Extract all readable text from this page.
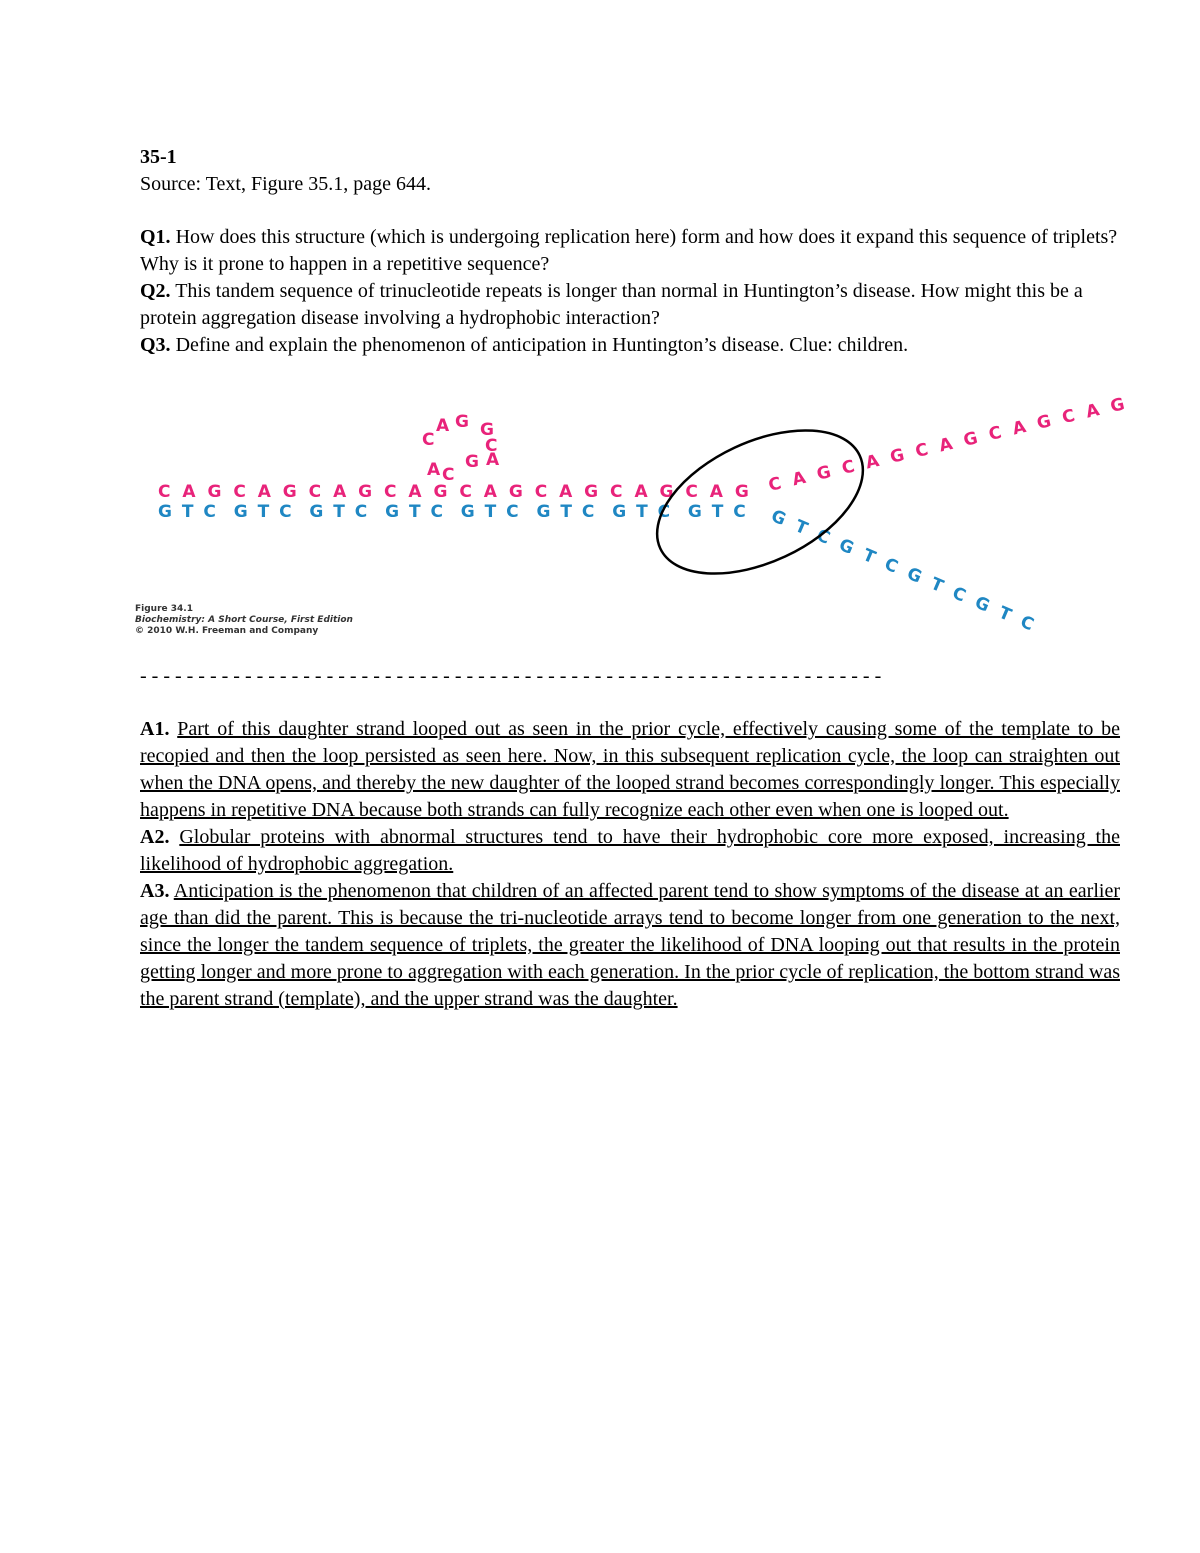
35-1
Source: Text, Figure 35.1, page 644.

Q1. How does this structure (which is undergoing replication here) form and how does it expand this sequence of triplets? Why is it prone to happen in a repetitive sequence?

Q2. This tandem sequence of trinucleotide repeats is longer than normal in Huntington’s disease. How might this be a protein aggregation disease involving a hydrophobic interaction?

Q3. Define and explain the phenomenon of anticipation in Huntington’s disease. Clue: children.

C A G C A G C A G C A G C A G C A G C A G C A G
G T C  G T C  G T C  G T C  G T C  G T C  G T C  G T C
A C
G
C
A
G
C
A G	C A G C A G C A G C A G C A G
G T C G T C G T C G T C
Figure 34.1
Biochemistry: A Short Course, First Edition
© 2010 W.H. Freeman and Company
- - - - - - - - - - - - - - - - - - - - - - - - - - - - - - - - - - - - - - - - - - - - - - - - - - - - - - - - - - - - - - - -

A1. Part of this daughter strand looped out as seen in the prior cycle, effectively causing some of the template to be recopied and then the loop persisted as seen here. Now, in this subsequent replication cycle, the loop can straighten out when the DNA opens, and thereby the new daughter of the looped strand becomes correspondingly longer. This especially happens in repetitive DNA because both strands can fully recognize each other even when one is looped out.

A2. Globular proteins with abnormal structures tend to have their hydrophobic core more exposed, increasing the likelihood of hydrophobic aggregation.

A3. Anticipation is the phenomenon that children of an affected parent tend to show symptoms of the disease at an earlier age than did the parent. This is because the tri-nucleotide arrays tend to become longer from one generation to the next, since the longer the tandem sequence of triplets, the greater the likelihood of DNA looping out that results in the protein getting longer and more prone to aggregation with each generation. In the prior cycle of replication, the bottom strand was the parent strand (template), and the upper strand was the daughter.
